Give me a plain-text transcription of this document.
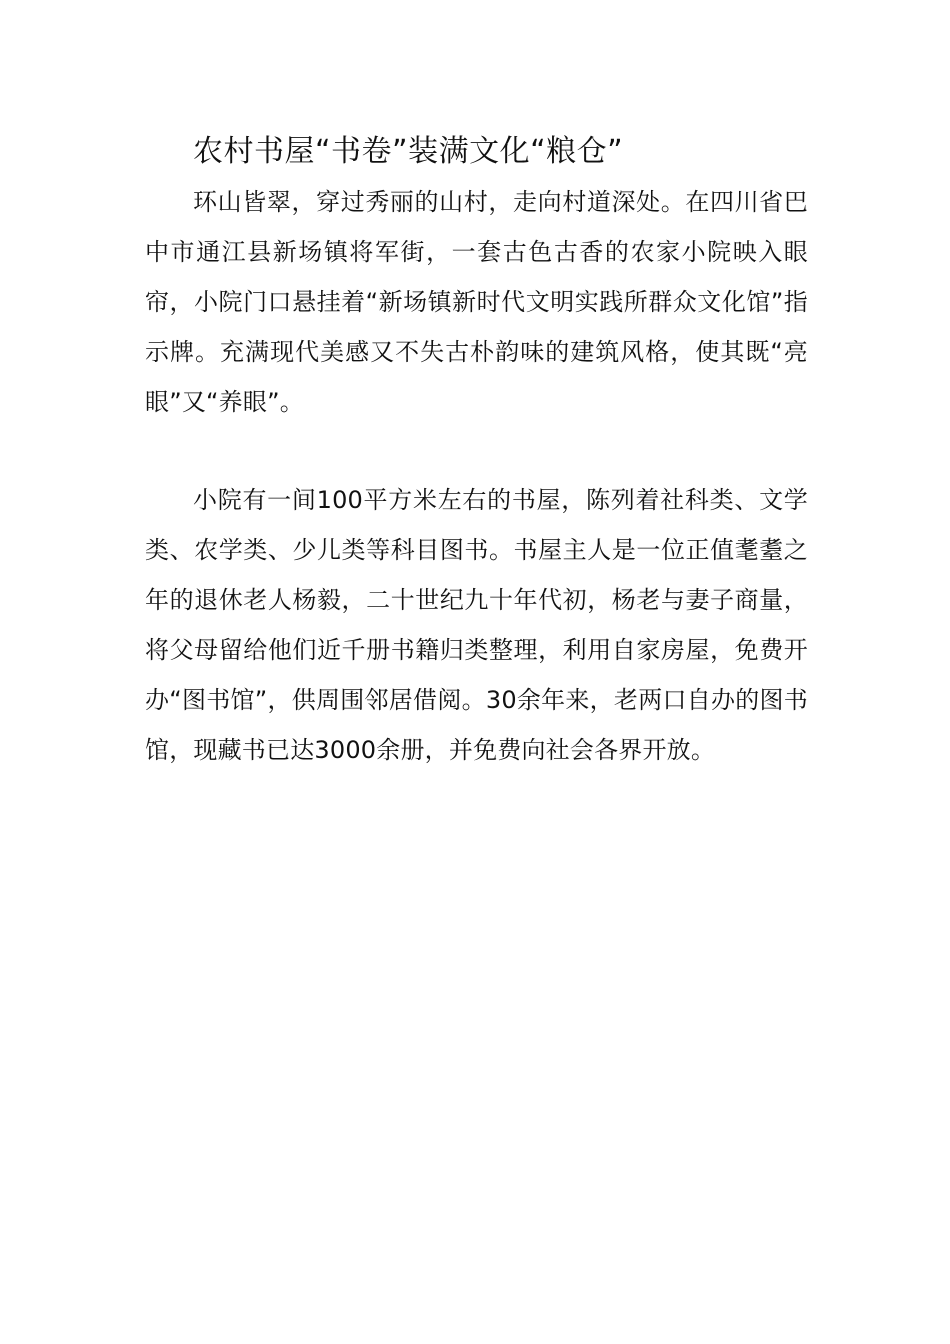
农村书屋“书卷”装满文化“粮仓”

环山皆翠，穿过秀丽的山村，走向村道深处。在四川省巴中市通江县新场镇将军街，一套古色古香的农家小院映入眼帘，小院门口悬挂着“新场镇新时代文明实践所群众文化馆”指示牌。充满现代美感又不失古朴韵味的建筑风格，使其既“亮眼”又“养眼”。

小院有一间100平方米左右的书屋，陈列着社科类、文学类、农学类、少儿类等科目图书。书屋主人是一位正值耄耋之年的退休老人杨毅，二十世纪九十年代初，杨老与妻子商量，将父母留给他们近千册书籍归类整理，利用自家房屋，免费开办“图书馆”，供周围邻居借阅。30余年来，老两口自办的图书馆，现藏书已达3000余册，并免费向社会各界开放。
